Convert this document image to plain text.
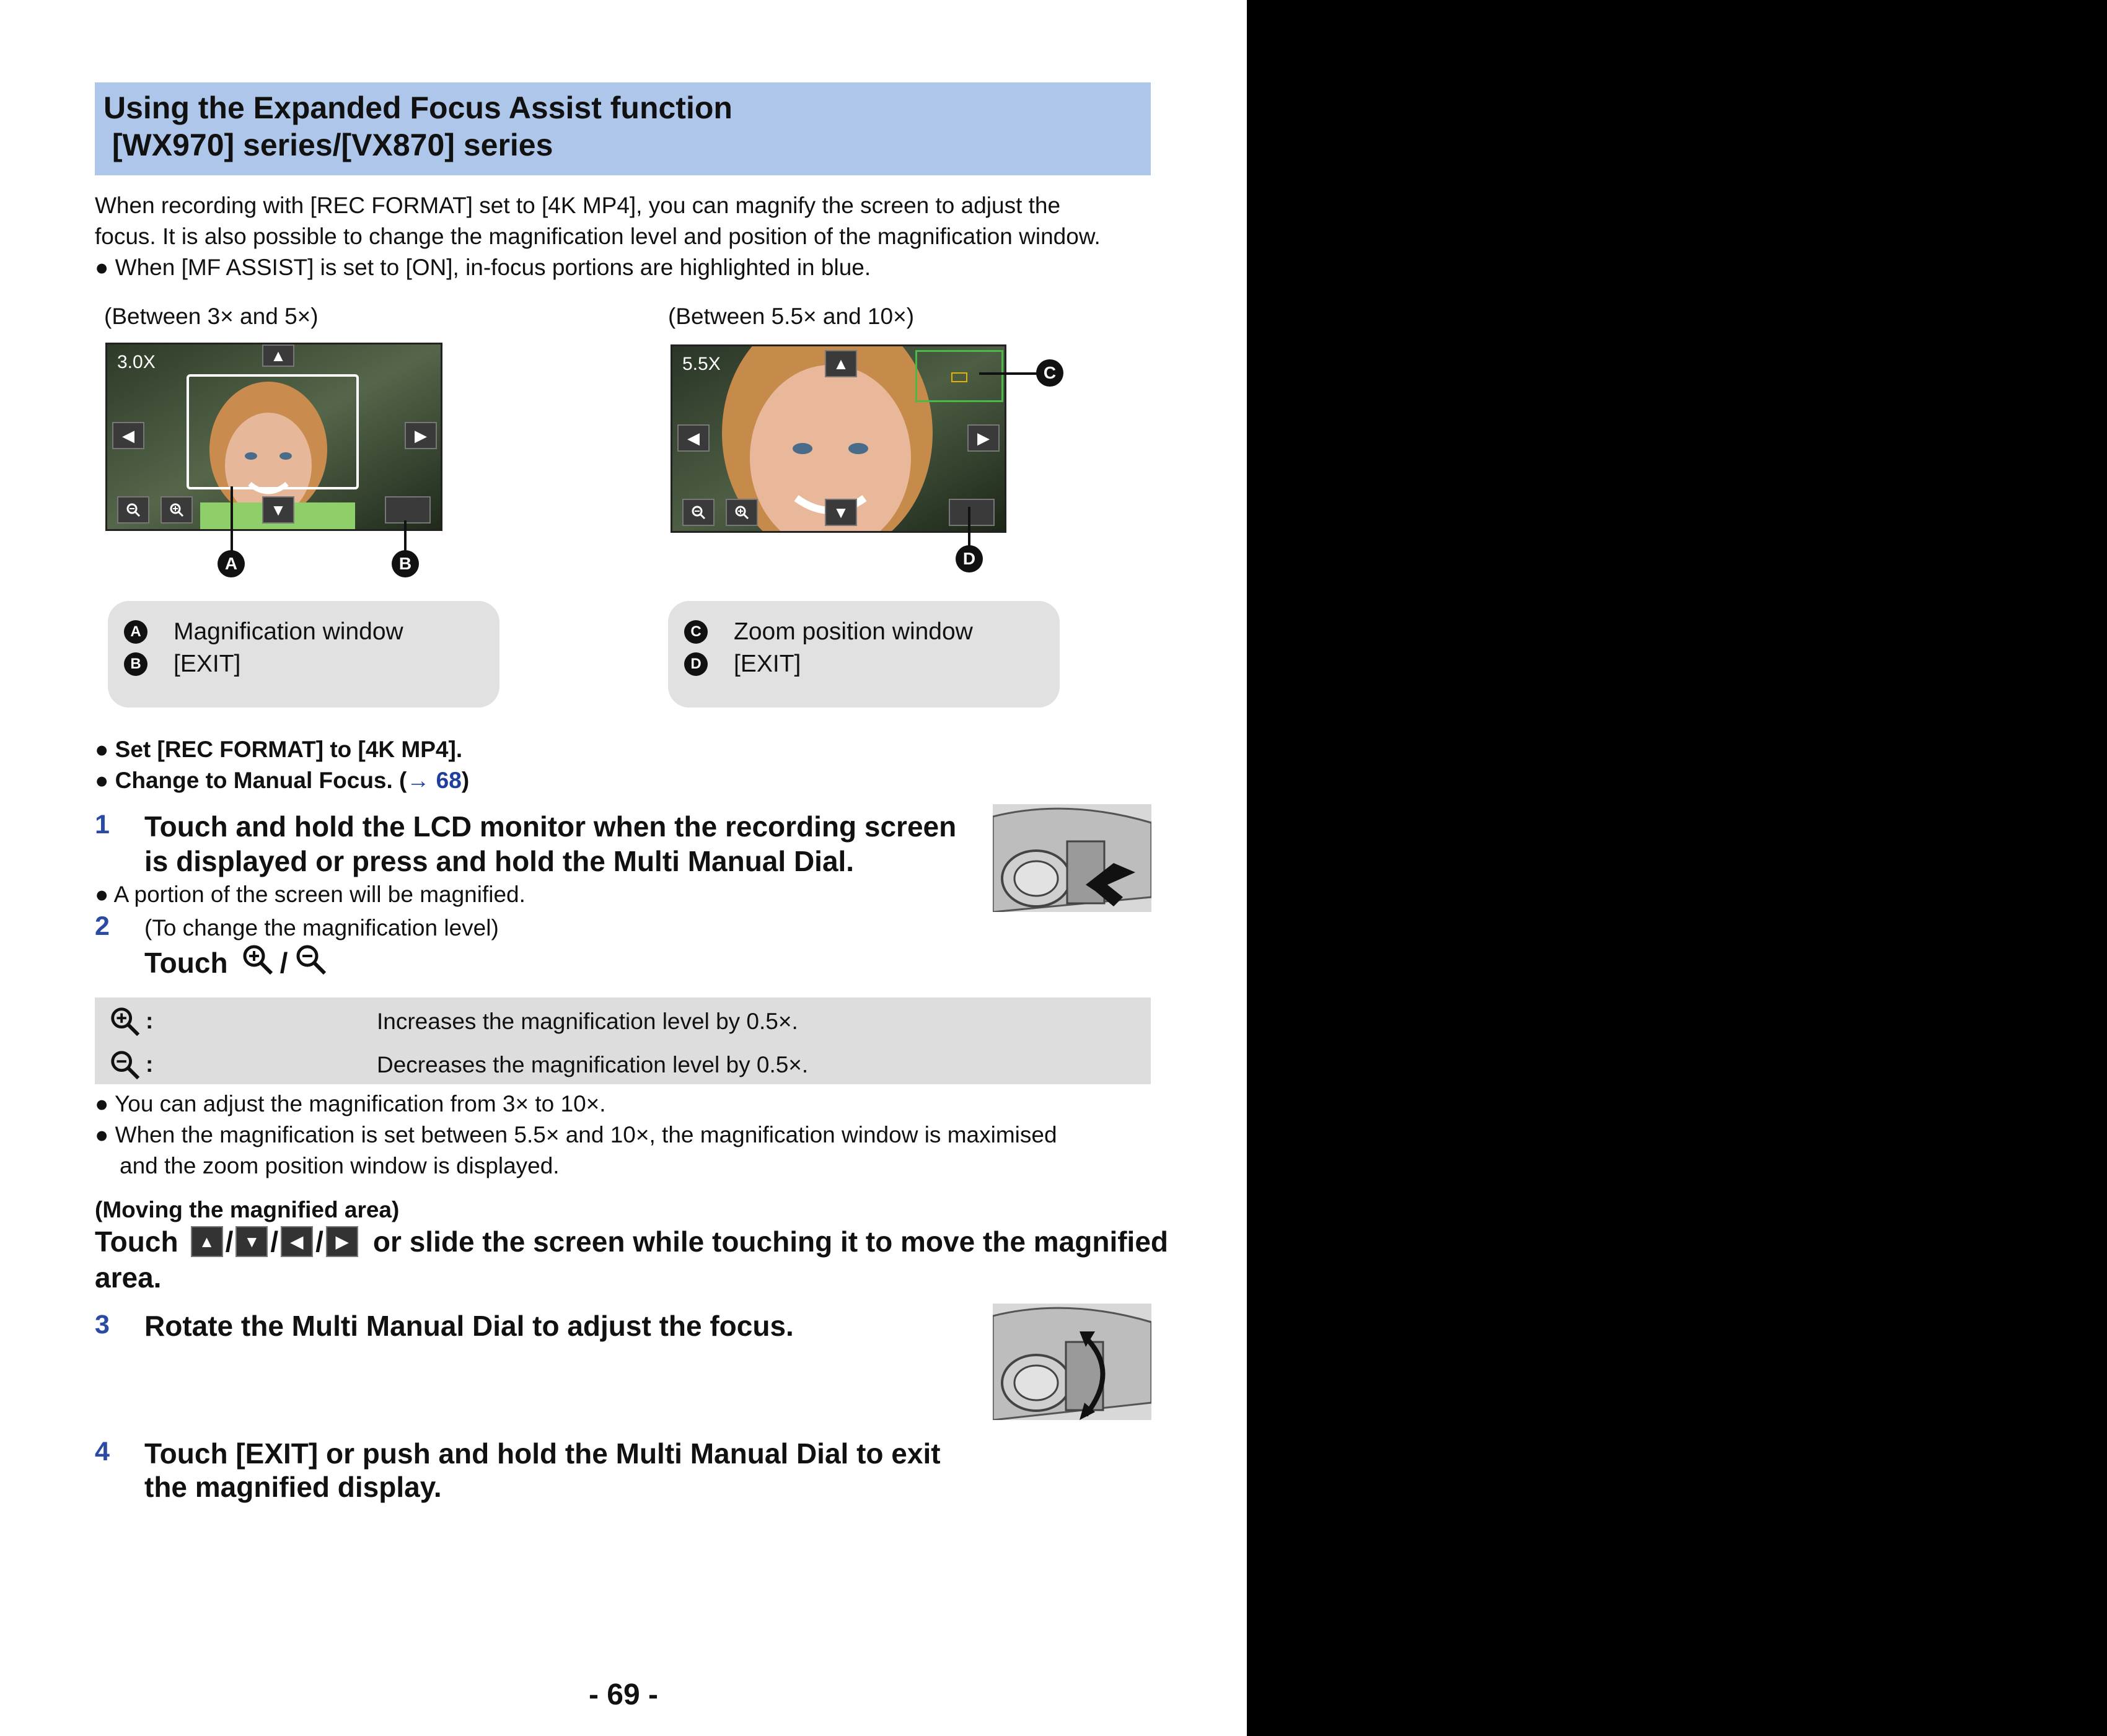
Using the Expanded Focus Assist function
[WX970] series/[VX870] series
When recording with [REC FORMAT] set to [4K MP4], you can magnify the screen to adjust the
focus. It is also possible to change the magnification level and position of the magnification window.
● When [MF ASSIST] is set to [ON], in-focus portions are highlighted in blue.
(Between 3× and 5×)	(Between 5.5× and 10×)
3.0X	▲
▼
◀	▶
A	B
5.5X	▲
▼
◀	▶
C
D
A Magnification window
B [EXIT]
C Zoom position window
D [EXIT]
● Set [REC FORMAT] to [4K MP4].
● Change to Manual Focus. (→ 68)
1 Touch and hold the LCD monitor when the recording screen
is displayed or press and hold the Multi Manual Dial.
● A portion of the screen will be magnified.
2 (To change the magnification level)
Touch /
:	Increases the magnification level by 0.5×.
:	Decreases the magnification level by 0.5×.
● You can adjust the magnification from 3× to 10×.
● When the magnification is set between 5.5× and 10×, the magnification window is maximised
and the zoom position window is displayed.
(Moving the magnified area)
Touch	▲ / ▼ / ◀ / ▶ or slide the screen while touching it to move the magnified
area.
3 Rotate the Multi Manual Dial to adjust the focus.
4 Touch [EXIT] or push and hold the Multi Manual Dial to exit
the magnified display.
- 69 -
